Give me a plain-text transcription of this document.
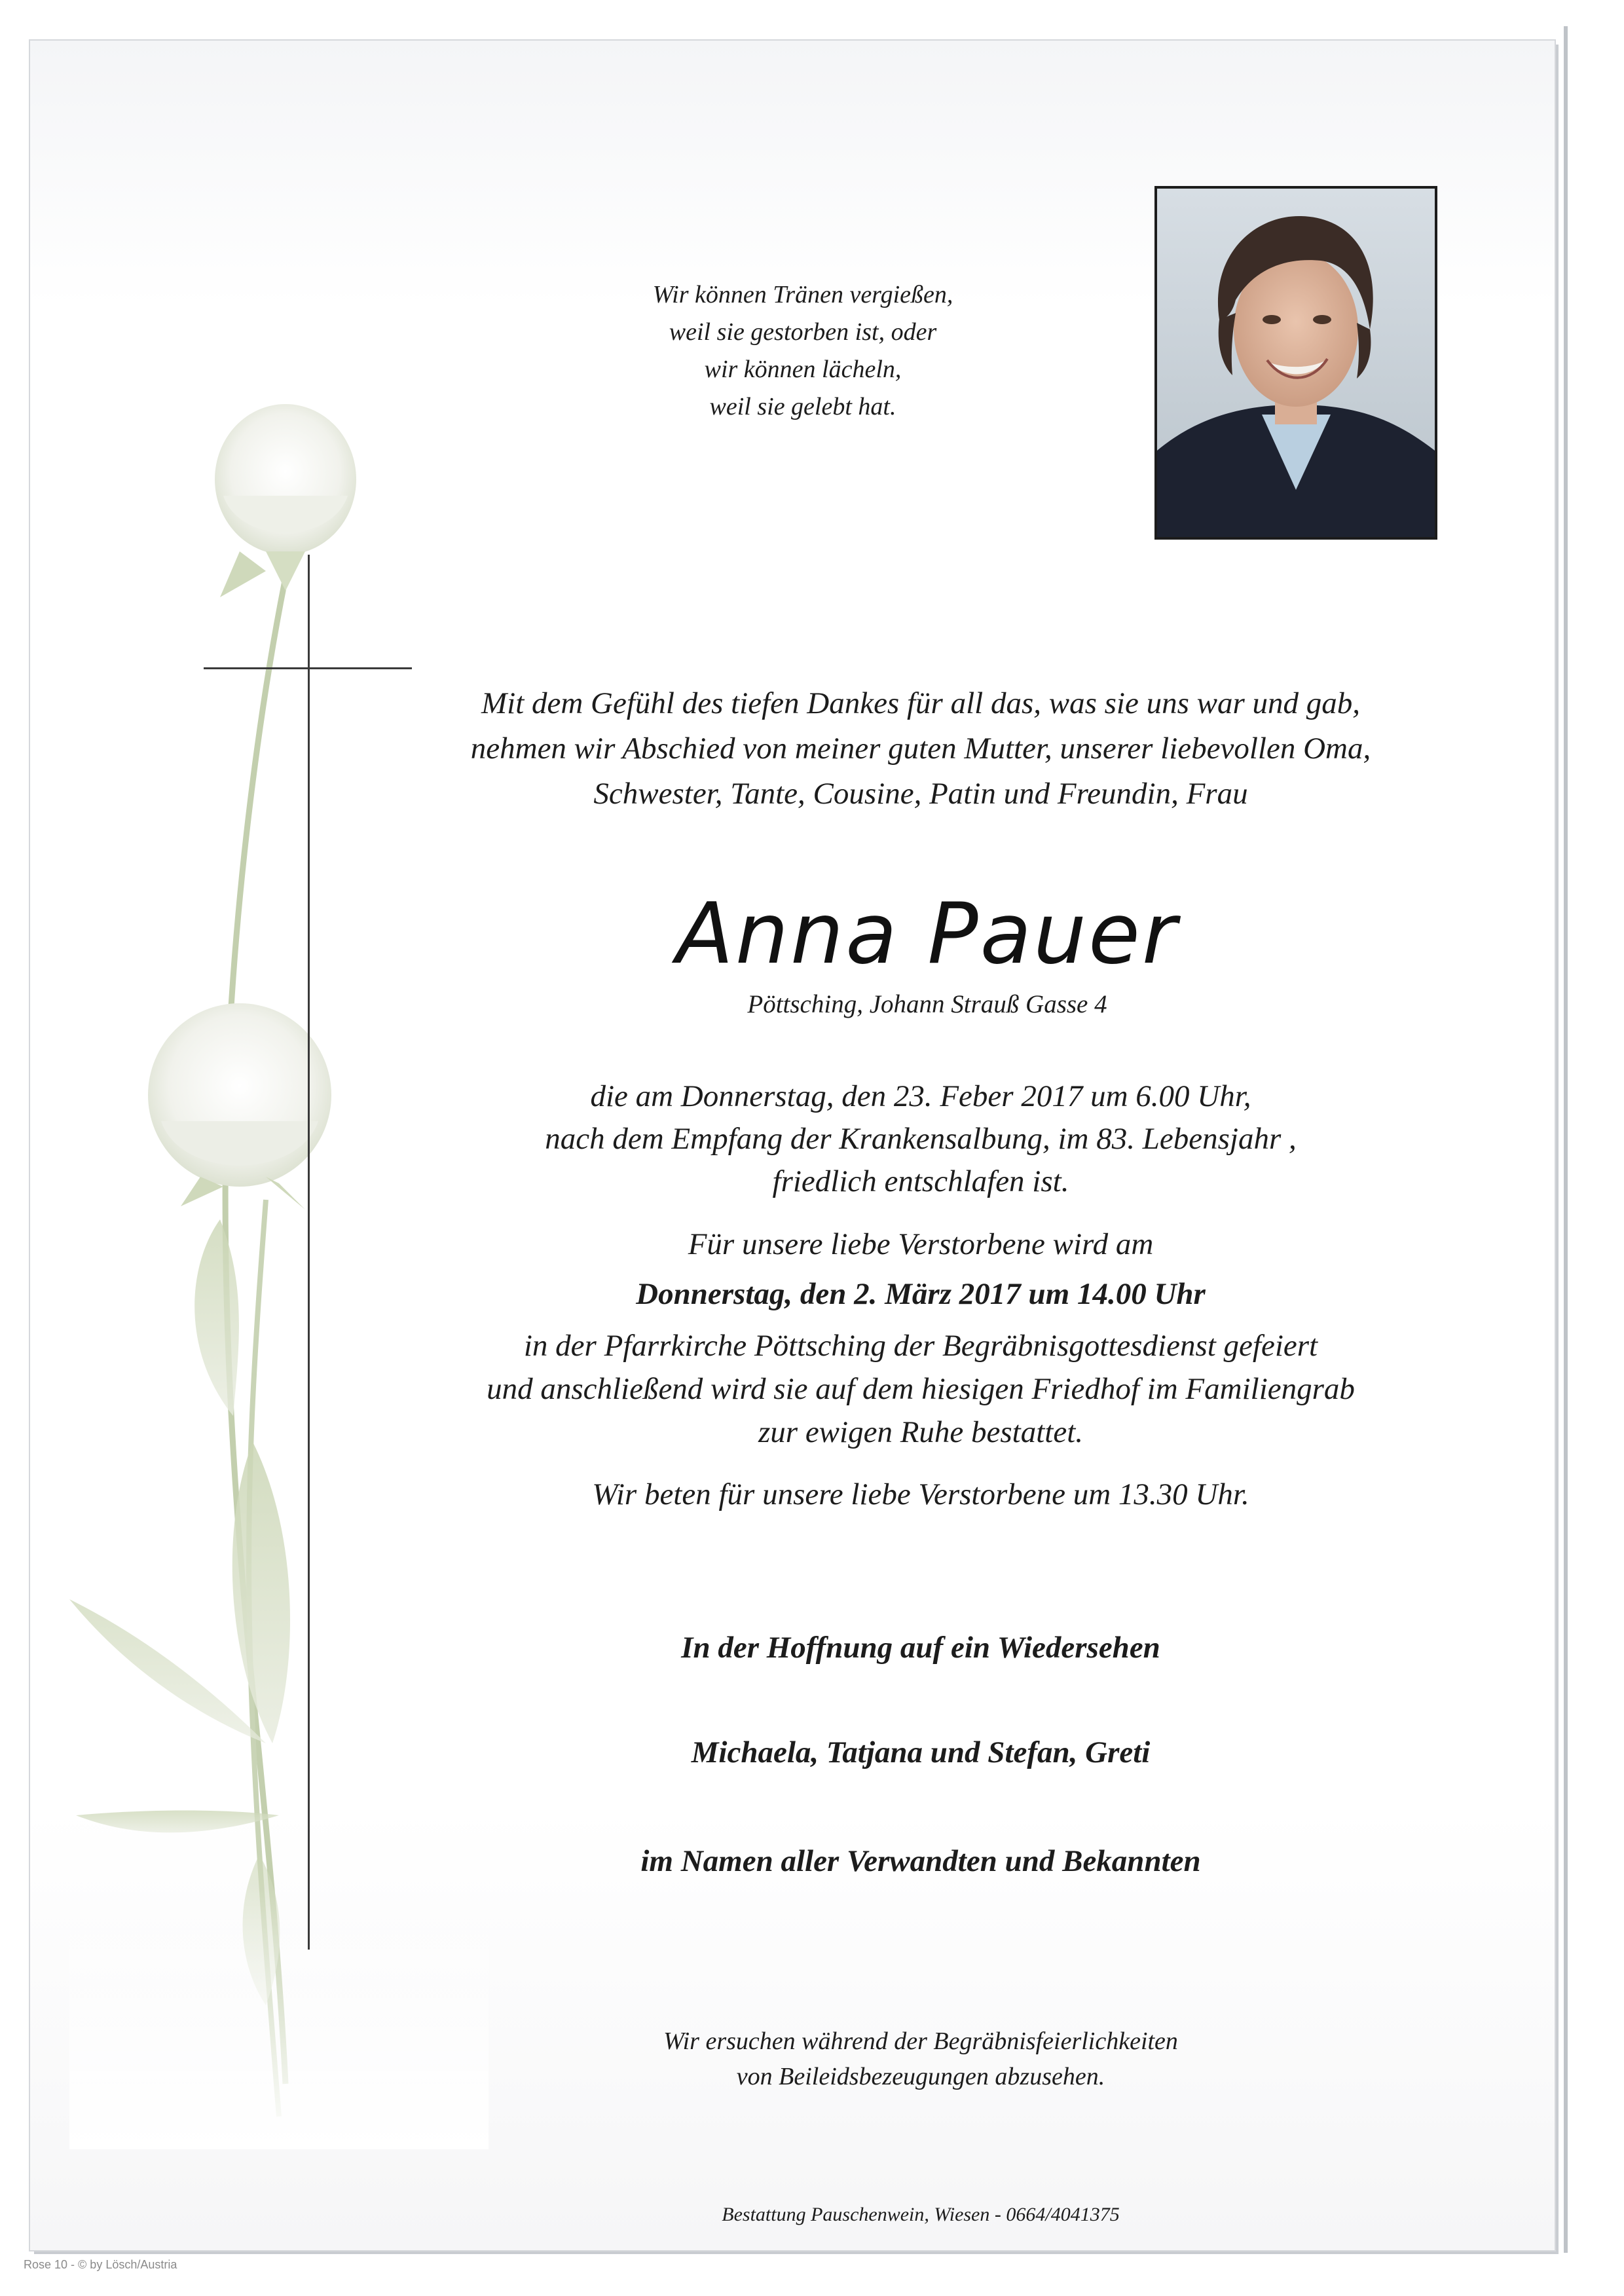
Wir können Tränen vergießen,
weil sie gestorben ist, oder
wir können lächeln,
weil sie gelebt hat.
Mit dem Gefühl des tiefen Dankes für all das, was sie uns war und gab,
nehmen wir Abschied von meiner guten Mutter, unserer liebevollen Oma,
Schwester, Tante, Cousine, Patin und Freundin, Frau
Anna Pauer
Pöttsching, Johann Strauß Gasse 4
die am Donnerstag, den 23. Feber 2017 um 6.00 Uhr,
nach dem Empfang der Krankensalbung, im 83. Lebensjahr ,
friedlich entschlafen ist.
Für unsere liebe Verstorbene wird am
Donnerstag, den 2. März 2017 um 14.00 Uhr
in der Pfarrkirche Pöttsching der Begräbnisgottesdienst gefeiert
und anschließend wird sie auf dem hiesigen Friedhof im Familiengrab
zur ewigen Ruhe bestattet.
Wir beten für unsere liebe Verstorbene um 13.30 Uhr.
In der Hoffnung auf ein Wiedersehen
Michaela, Tatjana und Stefan, Greti
im Namen aller Verwandten und Bekannten
Wir ersuchen während der Begräbnisfeierlichkeiten
von Beileidsbezeugungen abzusehen.
Bestattung Pauschenwein, Wiesen - 0664/4041375
Rose 10 - © by Lösch/Austria
